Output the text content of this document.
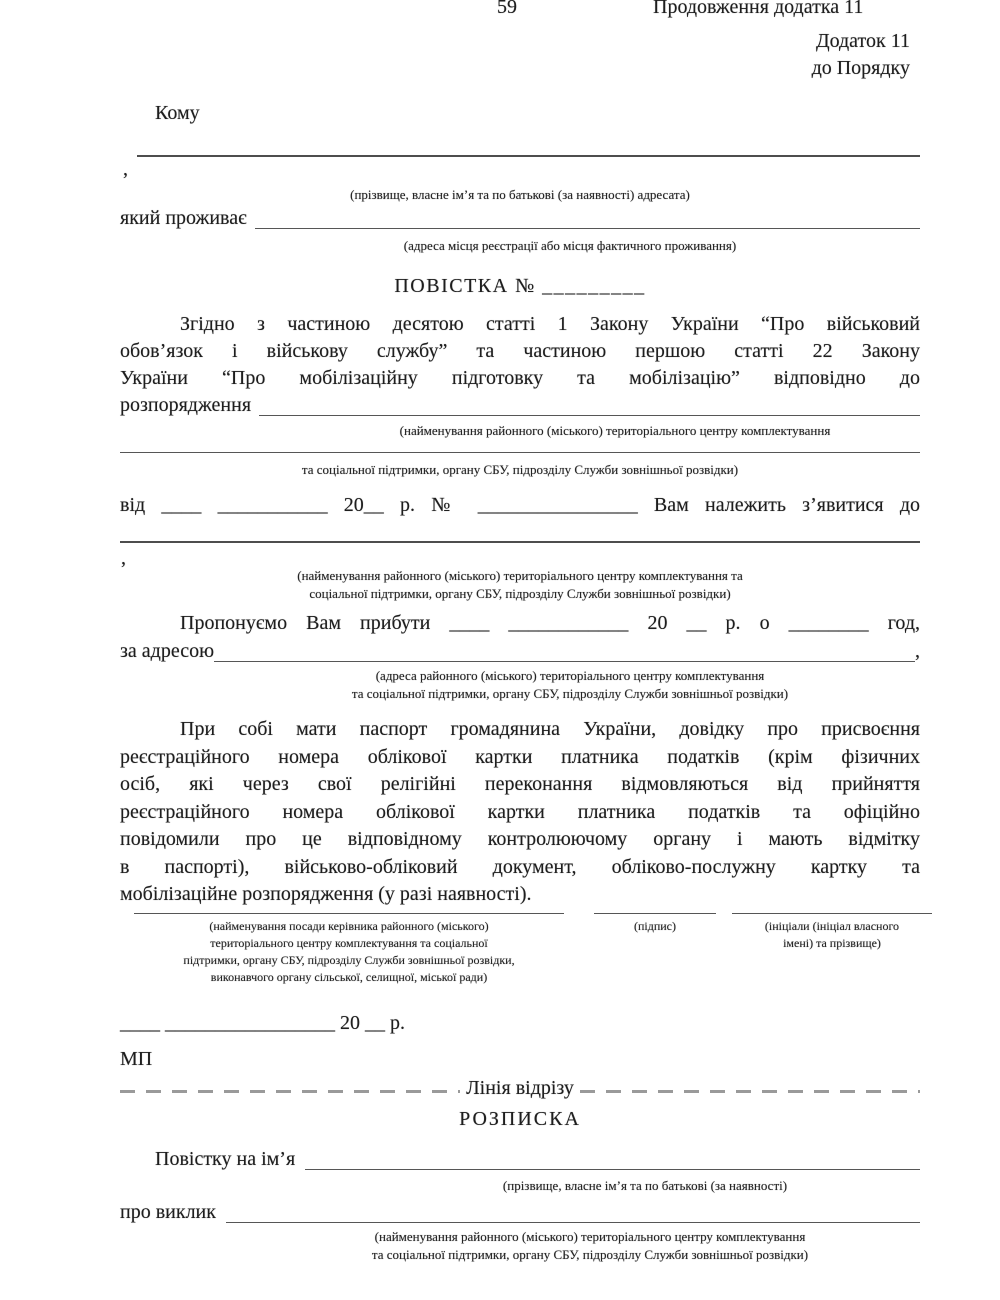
59	Продовження додатка 11
Додаток 11
до Порядку
Кому
,
(прізвище, власне ім’я та по батькові (за наявності) адресата)
який проживає
(адреса місця реєстрації або місця фактичного проживання)
ПОВІСТКА № _________
Згідно з частиною десятою статті 1 Закону України “Про військовий
обов’язок і військову службу” та частиною першою статті 22 Закону
України “Про мобілізаційну підготовку та мобілізацію” відповідно до
розпорядження
(найменування районного (міського) територіального центру комплектування
та соціальної підтримки, органу СБУ, підрозділу Служби зовнішньої розвідки)
від ____ ___________ 20__ р. № ________________ Вам належить з’явитися до
,
(найменування районного (міського) територіального центру комплектування та
соціальної підтримки, органу СБУ, підрозділу Служби зовнішньої розвідки)
Пропонуємо Вам прибути ____ ____________ 20 __ р. о ________ год,
за адресою	,
(адреса районного (міського) територіального центру комплектування
та соціальної підтримки, органу СБУ, підрозділу Служби зовнішньої розвідки)
При собі мати паспорт громадянина України, довідку про присвоєння
реєстраційного номера облікової картки платника податків (крім фізичних
осіб, які через свої релігійні переконання відмовляються від прийняття
реєстраційного номера облікової картки платника податків та офіційно
повідомили про це відповідному контролюючому органу і мають відмітку
в паспорті), військово-обліковий документ, обліково-послужну картку та
мобілізаційне розпорядження (у разі наявності).
(найменування посади керівника районного (міського)
територіального центру комплектування та соціальної
підтримки, органу СБУ, підрозділу Служби зовнішньої розвідки,
виконавчого органу сільської, селищної, міської ради)
(підпис)	(ініціали (ініціал власного
імені) та прізвище)
____ _________________ 20 __ р.
МП
Лінія відрізу
РОЗПИСКА
Повістку на ім’я
(прізвище, власне ім’я та по батькові (за наявності)
про виклик
(найменування районного (міського) територіального центру комплектування
та соціальної підтримки, органу СБУ, підрозділу Служби зовнішньої розвідки)
